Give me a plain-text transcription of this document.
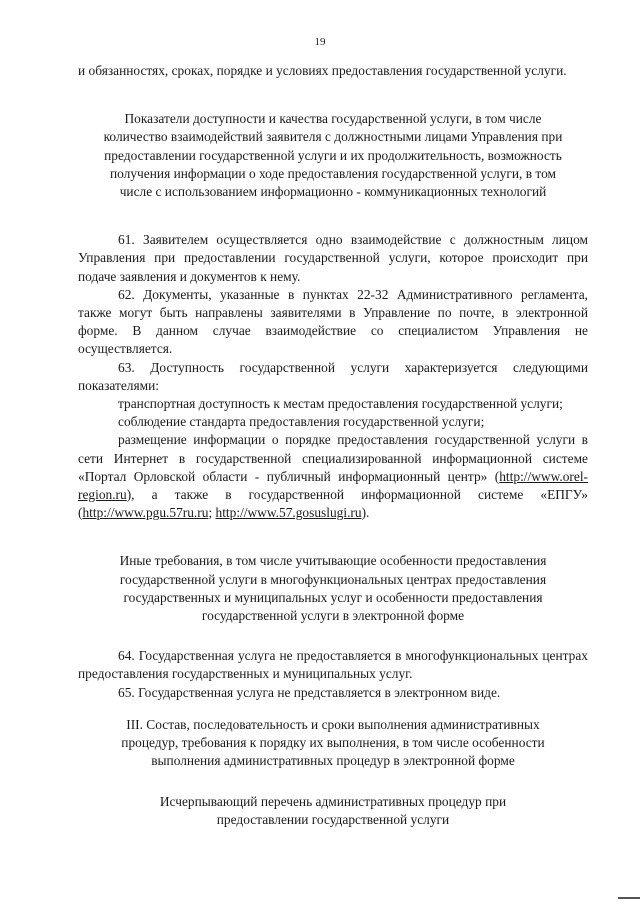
19

и обязанностях, сроках, порядке и условиях предоставления государственной услуги.

Показатели доступности и качества государственной услуги, в том числе количество взаимодействий заявителя с должностными лицами Управления при предоставлении государственной услуги и их продолжительность, возможность получения информации о ходе предоставления государственной услуги, в том числе с использованием информационно - коммуникационных технологий

61. Заявителем осуществляется одно взаимодействие с должностным лицом Управления при предоставлении государственной услуги, которое происходит при подаче заявления и документов к нему.

62. Документы, указанные в пунктах 22-32 Административного регламента, также могут быть направлены заявителями в Управление по почте, в электронной форме. В данном случае взаимодействие со специалистом Управления не осуществляется.

63. Доступность государственной услуги характеризуется следующими показателями:

транспортная доступность к местам предоставления государственной услуги;

соблюдение стандарта предоставления государственной услуги;

размещение информации о порядке предоставления государственной услуги в сети Интернет в государственной специализированной информационной системе «Портал Орловской области - публичный информационный центр» (http://www.orel-region.ru), а также в государственной информационной системе «ЕПГУ» (http://www.pgu.57ru.ru; http://www.57.gosuslugi.ru).

Иные требования, в том числе учитывающие особенности предоставления государственной услуги в многофункциональных центрах предоставления государственных и муниципальных услуг и особенности предоставления государственной услуги в электронной форме

64. Государственная услуга не предоставляется в многофункциональных центрах предоставления государственных и муниципальных услуг.

65. Государственная услуга не представляется в электронном виде.

III. Состав, последовательность и сроки выполнения административных процедур, требования к порядку их выполнения, в том числе особенности выполнения административных процедур в электронной форме

Исчерпывающий перечень административных процедур при предоставлении государственной услуги
